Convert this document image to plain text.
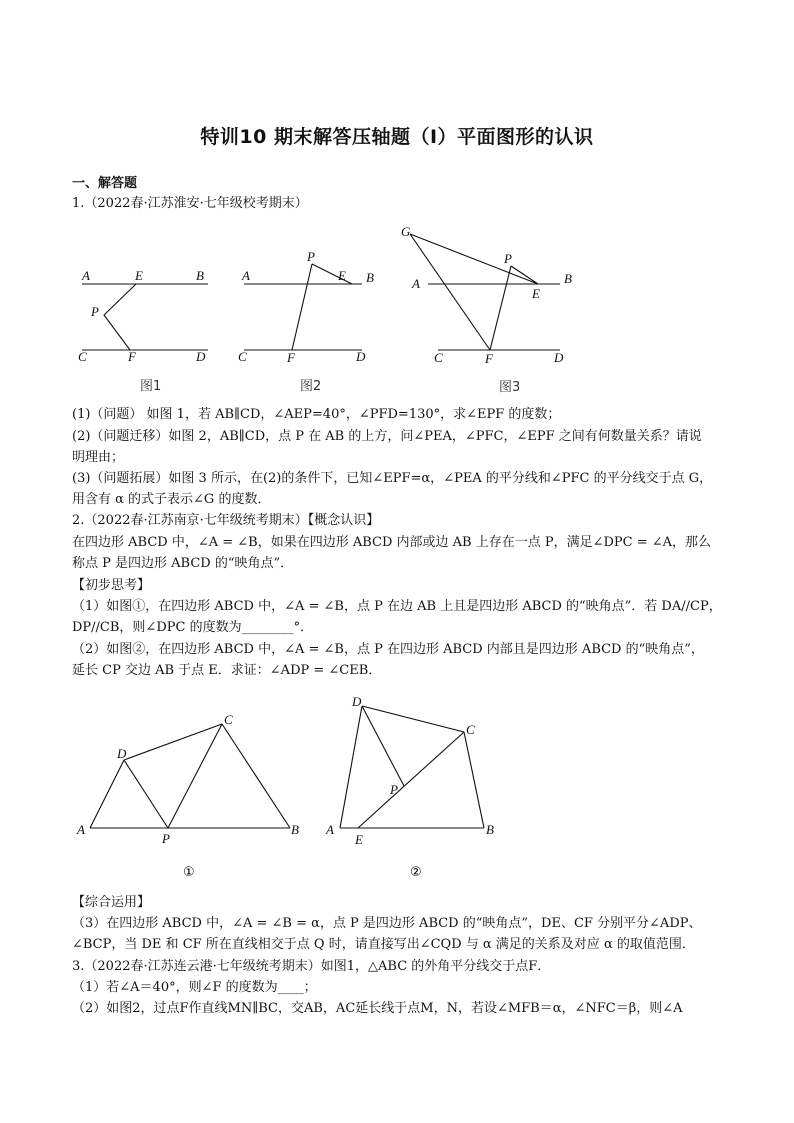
特训10 期末解答压轴题（Ⅰ）平面图形的认识
一、解答题
1.（2022春·江苏淮安·七年级校考期末）
A	E	B
P
C	F	D
图1
A
P
E B
C	F	D
图2
G
P
B
A
E
C	F	D
图3
(1)（问题） 如图 1，若 AB∥CD，∠AEP=40°，∠PFD=130°，求∠EPF 的度数；
(2)（问题迁移）如图 2，AB∥CD，点 P 在 AB 的上方，问∠PEA，∠PFC，∠EPF 之间有何数量关系？请说
明理由；
(3)（问题拓展）如图 3 所示，在(2)的条件下，已知∠EPF=α，∠PEA 的平分线和∠PFC 的平分线交于点 G，
用含有 α 的式子表示∠G 的度数．
2.（2022春·江苏南京·七年级统考期末）【概念认识】
在四边形 ABCD 中，∠A = ∠B，如果在四边形 ABCD 内部或边 AB 上存在一点 P，满足∠DPC = ∠A，那么
称点 P 是四边形 ABCD 的“映角点”．
【初步思考】
（1）如图①，在四边形 ABCD 中，∠A = ∠B，点 P 在边 AB 上且是四边形 ABCD 的“映角点”．若 DA//CP，
DP//CB，则∠DPC 的度数为________°．
（2）如图②，在四边形 ABCD 中，∠A = ∠B，点 P 在四边形 ABCD 内部且是四边形 ABCD 的“映角点”，
延长 CP 交边 AB 于点 E．求证：∠ADP = ∠CEB．
D
C
A
P
B
①
D
C
P
A
E
B
②
【综合运用】
（3）在四边形 ABCD 中，∠A = ∠B = α，点 P 是四边形 ABCD 的“映角点”，DE、CF 分别平分∠ADP、
∠BCP，当 DE 和 CF 所在直线相交于点 Q 时，请直接写出∠CQD 与 α 满足的关系及对应 α 的取值范围．
3.（2022春·江苏连云港·七年级统考期末）如图1，△ABC 的外角平分线交于点F．
（1）若∠A＝40°，则∠F 的度数为____；
（2）如图2，过点F作直线MN∥BC，交AB，AC延长线于点M，N，若设∠MFB＝α，∠NFC＝β，则∠A
